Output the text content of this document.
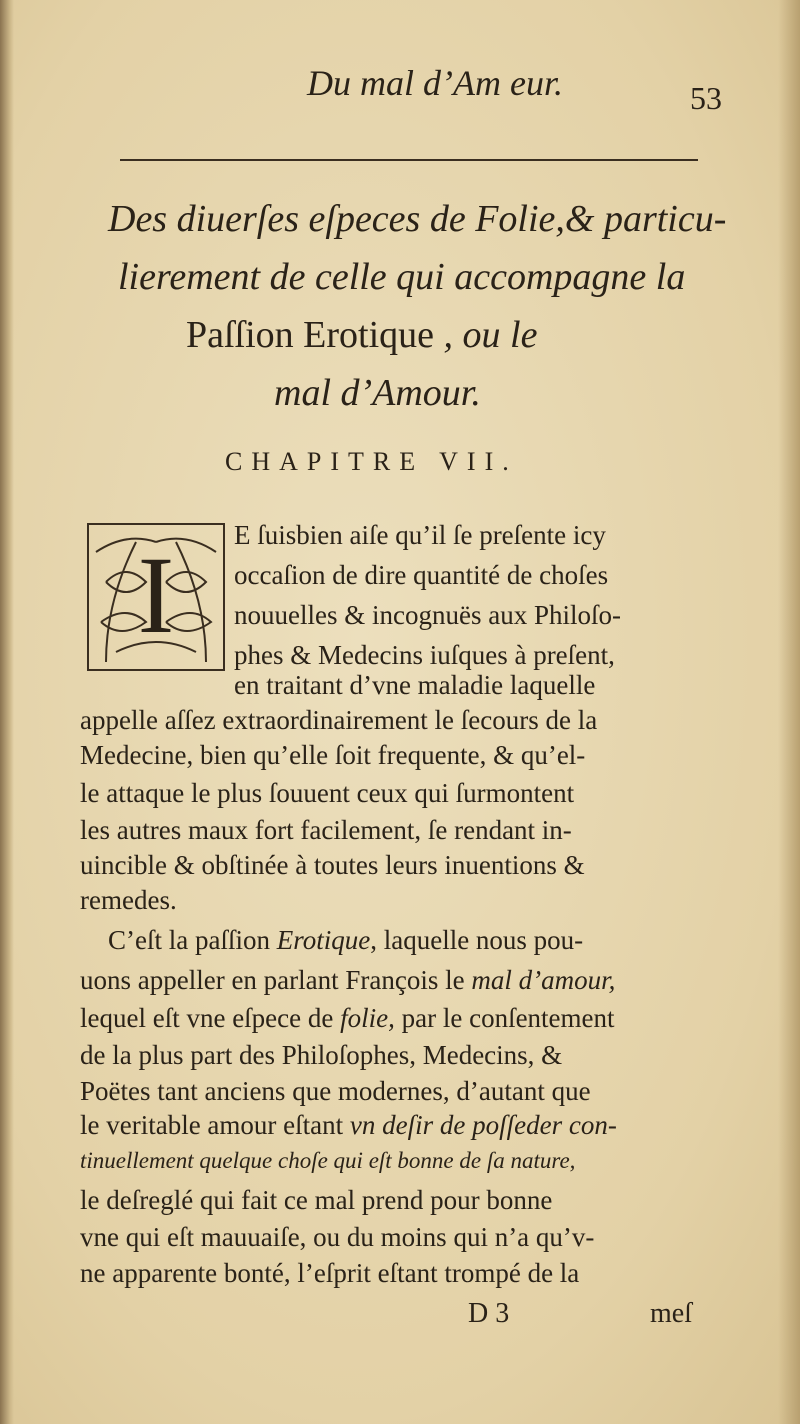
Du mal d’Am eur.	53

Des diuerſes eſpeces de Folie,& particu-

lierement de celle qui accompagne la

Paſſion Erotique , ou le

mal d’Amour.

CHAPITRE VII.
I E ſuisbien aiſe qu’il ſe preſente icy

occaſion de dire quantité de choſes

nouuelles & incognuës aux Philoſo-

phes & Medecins iuſques à preſent,

en traitant d’vne maladie laquelle

appelle aſſez extraordinairement le ſecours de la

Medecine, bien qu’elle ſoit frequente, & qu’el-

le attaque le plus ſouuent ceux qui ſurmontent

les autres maux fort facilement, ſe rendant in-

uincible & obſtinée à toutes leurs inuentions &

remedes.

C’eſt la paſſion Erotique, laquelle nous pou-

uons appeller en parlant François le mal d’amour,

lequel eſt vne eſpece de folie, par le conſentement

de la plus part des Philoſophes, Medecins, &

Poëtes tant anciens que modernes, d’autant que

le veritable amour eſtant vn deſir de poſſeder con-

tinuellement quelque choſe qui eſt bonne de ſa nature,

le deſreglé qui fait ce mal prend pour bonne

vne qui eſt mauuaiſe, ou du moins qui n’a qu’v-

ne apparente bonté, l’eſprit eſtant trompé de la

D 3	meſ
